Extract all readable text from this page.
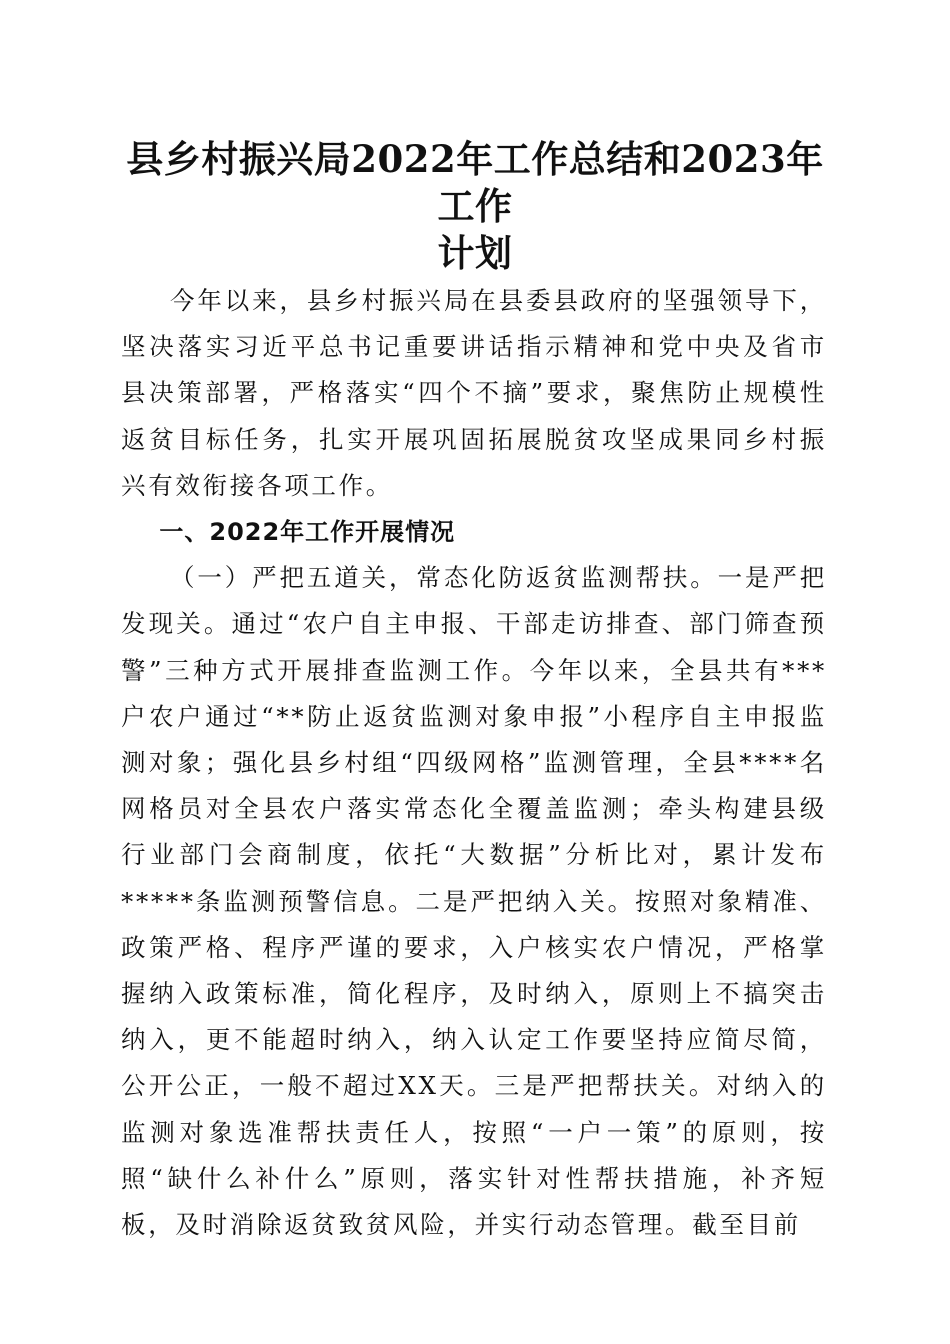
县乡村振兴局2022年工作总结和2023年工作
计划

今年以来，县乡村振兴局在县委县政府的坚强领导下，坚决落实习近平总书记重要讲话指示精神和党中央及省市县决策部署，严格落实“四个不摘”要求，聚焦防止规模性返贫目标任务，扎实开展巩固拓展脱贫攻坚成果同乡村振兴有效衔接各项工作。

一、2022年工作开展情况

（一）严把五道关，常态化防返贫监测帮扶。一是严把发现关。通过“农户自主申报、干部走访排查、部门筛查预警”三种方式开展排查监测工作。今年以来，全县共有***户农户通过“**防止返贫监测对象申报”小程序自主申报监测对象；强化县乡村组“四级网格”监测管理，全县****名网格员对全县农户落实常态化全覆盖监测；牵头构建县级行业部门会商制度，依托“大数据”分析比对，累计发布*****条监测预警信息。二是严把纳入关。按照对象精准、政策严格、程序严谨的要求，入户核实农户情况，严格掌握纳入政策标准，简化程序，及时纳入，原则上不搞突击纳入，更不能超时纳入，纳入认定工作要坚持应简尽简，公开公正，一般不超过XX天。三是严把帮扶关。对纳入的监测对象选准帮扶责任人，按照“一户一策”的原则，按照“缺什么补什么”原则，落实针对性帮扶措施，补齐短板，及时消除返贫致贫风险，并实行动态管理。截至目前
